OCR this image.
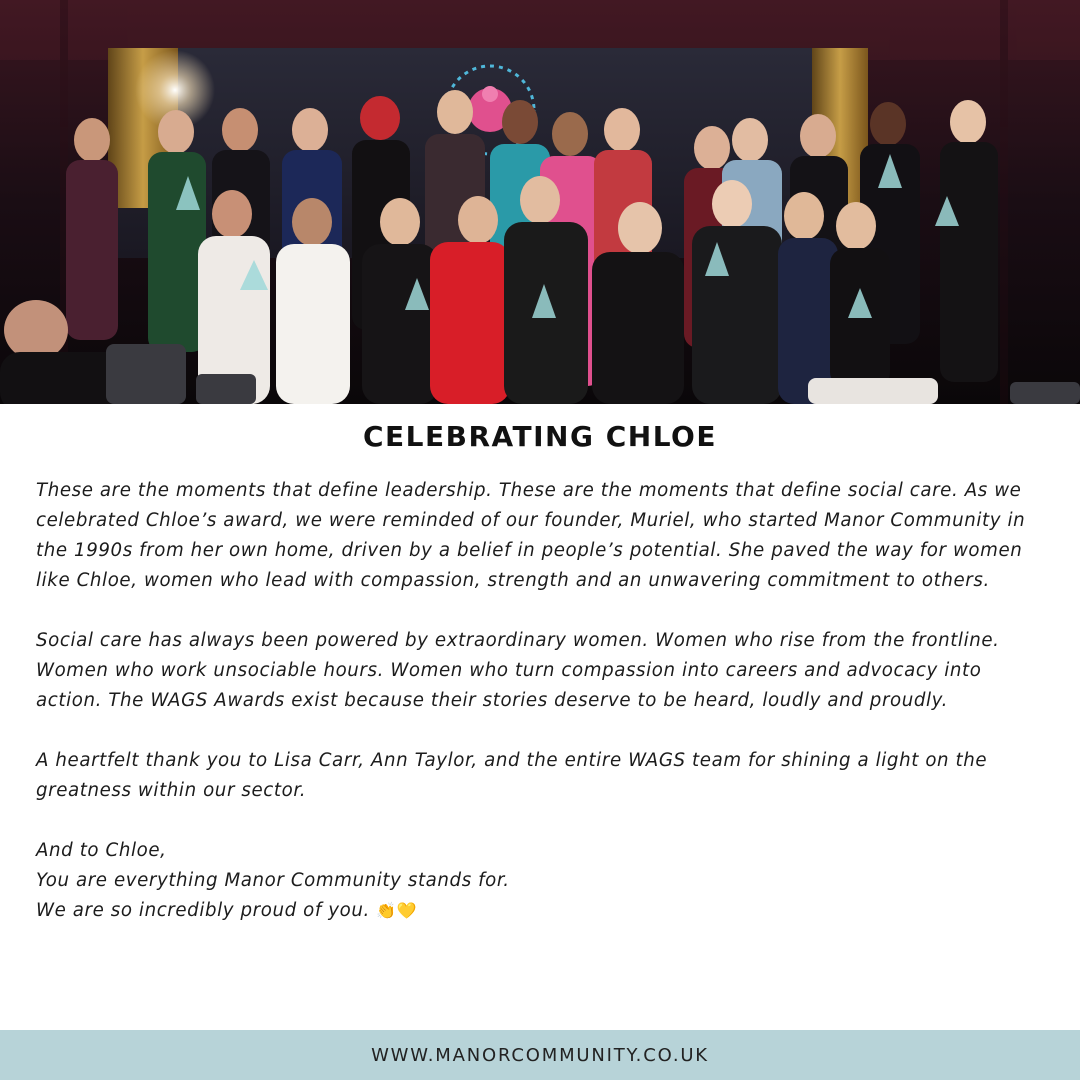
CELEBRATING CHLOE

These are the moments that define leadership. These are the moments that define social care. As we celebrated Chloe’s award, we were reminded of our founder, Muriel, who started Manor Community in the 1990s from her own home, driven by a belief in people’s potential. She paved the way for women like Chloe, women who lead with compassion, strength and an unwavering commitment to others.

Social care has always been powered by extraordinary women. Women who rise from the frontline. Women who work unsociable hours. Women who turn compassion into careers and advocacy into action. The WAGS Awards exist because their stories deserve to be heard, loudly and proudly.

A heartfelt thank you to Lisa Carr, Ann Taylor, and the entire WAGS team for shining a light on the greatness within our sector.

And to Chloe,
You are everything Manor Community stands for.
We are so incredibly proud of you. 👏💛

WWW.MANORCOMMUNITY.CO.UK
